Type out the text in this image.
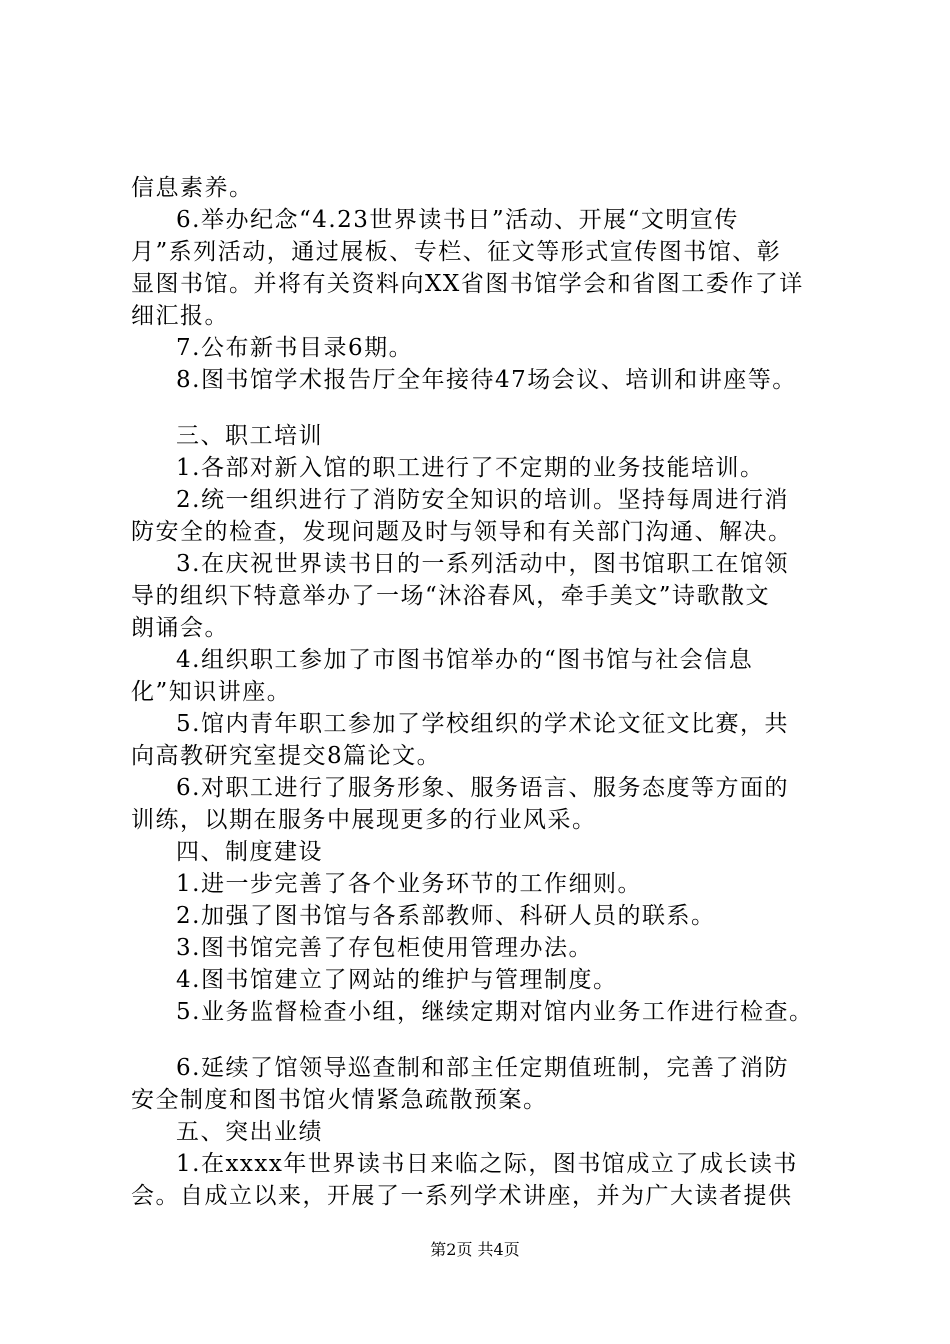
信息素养。
6.举办纪念“4.23世界读书日”活动、开展“文明宣传
月”系列活动，通过展板、专栏、征文等形式宣传图书馆、彰
显图书馆。并将有关资料向XX省图书馆学会和省图工委作了详
细汇报。
7.公布新书目录6期。
8.图书馆学术报告厅全年接待47场会议、培训和讲座等。
三、职工培训
1.各部对新入馆的职工进行了不定期的业务技能培训。
2.统一组织进行了消防安全知识的培训。坚持每周进行消
防安全的检查，发现问题及时与领导和有关部门沟通、解决。
3.在庆祝世界读书日的一系列活动中，图书馆职工在馆领
导的组织下特意举办了一场“沐浴春风，牵手美文”诗歌散文
朗诵会。
4.组织职工参加了市图书馆举办的“图书馆与社会信息
化”知识讲座。
5.馆内青年职工参加了学校组织的学术论文征文比赛，共
向高教研究室提交8篇论文。
6.对职工进行了服务形象、服务语言、服务态度等方面的
训练，以期在服务中展现更多的行业风采。
四、制度建设
1.进一步完善了各个业务环节的工作细则。
2.加强了图书馆与各系部教师、科研人员的联系。
3.图书馆完善了存包柜使用管理办法。
4.图书馆建立了网站的维护与管理制度。
5.业务监督检查小组，继续定期对馆内业务工作进行检查。
6.延续了馆领导巡查制和部主任定期值班制，完善了消防
安全制度和图书馆火情紧急疏散预案。
五、突出业绩
1.在xxxx年世界读书日来临之际，图书馆成立了成长读书
会。自成立以来，开展了一系列学术讲座，并为广大读者提供
第2页 共4页
